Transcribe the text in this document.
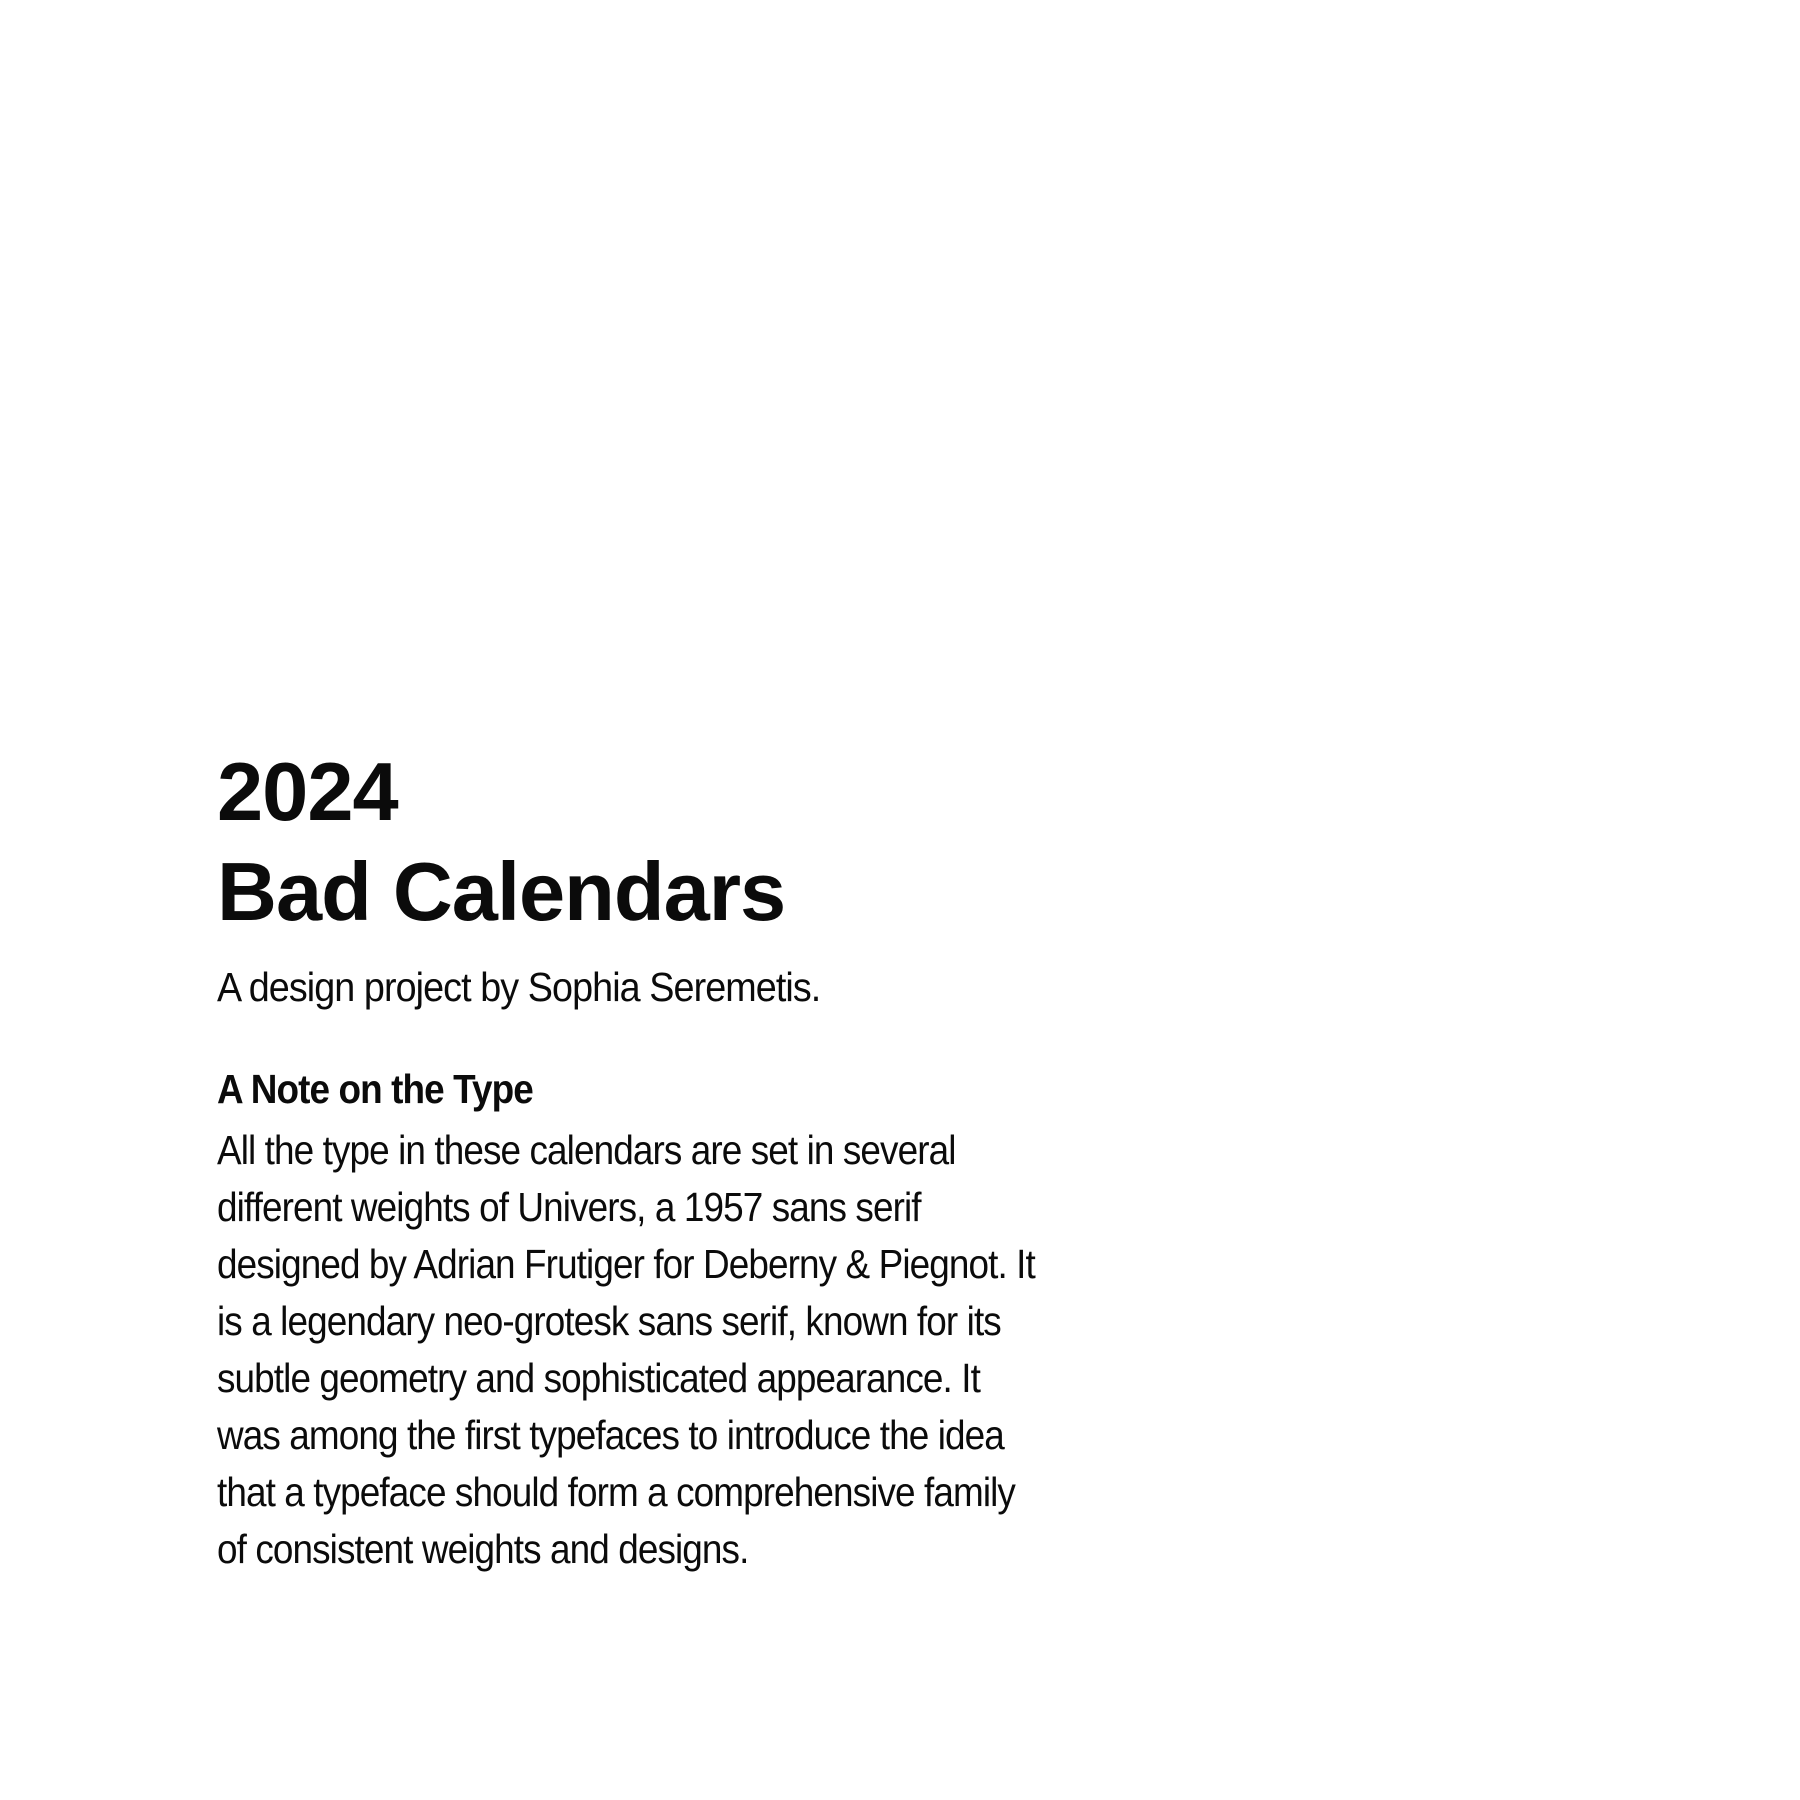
2024
Bad Calendars

A design project by Sophia Seremetis.

A Note on the Type

All the type in these calendars are set in several
different weights of Univers, a 1957 sans serif
designed by Adrian Frutiger for Deberny & Piegnot. It
is a legendary neo-grotesk sans serif, known for its
subtle geometry and sophisticated appearance. It
was among the first typefaces to introduce the idea
that a typeface should form a comprehensive family
of consistent weights and designs.
